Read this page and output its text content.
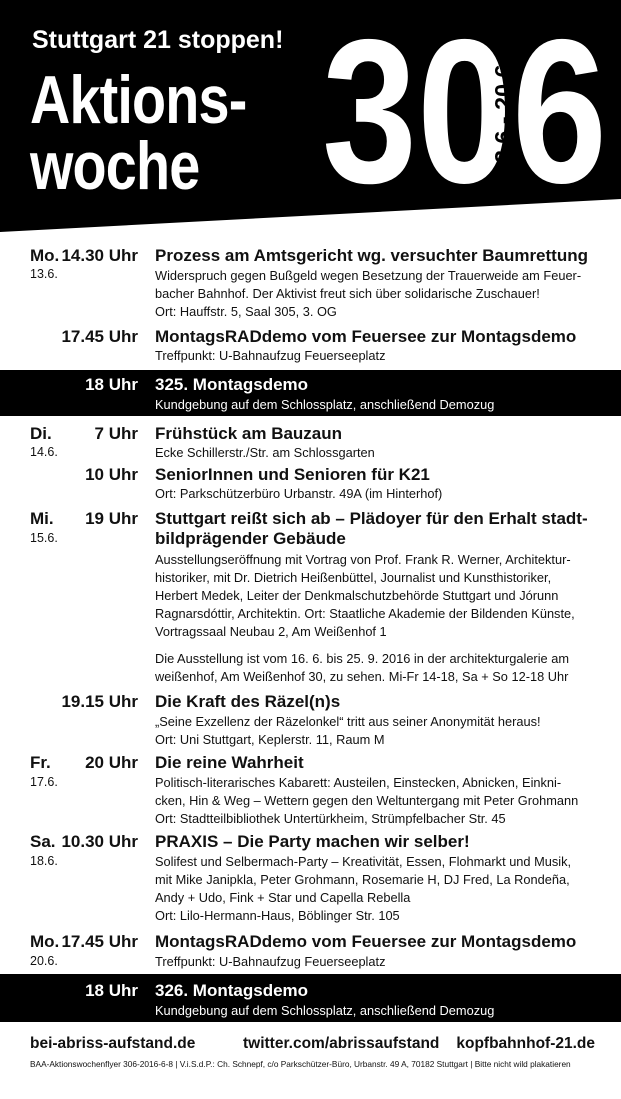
306
13.6.- 20.6.
Stuttgart 21 stoppen!
Aktions-
woche
Mo.
13.6.
14.30 Uhr Prozess am Amtsgericht wg. versuchter Baumrettung
Widerspruch gegen Bußgeld wegen Besetzung der Trauerweide am Feuer-
bacher Bahnhof. Der Aktivist freut sich über solidarische Zuschauer!
Ort: Hauffstr. 5, Saal 305, 3. OG
17.45 Uhr MontagsRADdemo vom Feuersee zur Montagsdemo
Treffpunkt: U-Bahnaufzug Feuerseeplatz
18 Uhr 325. Montagsdemo
Kundgebung auf dem Schlossplatz, anschließend Demozug
Di.
14.6.
7 Uhr Frühstück am Bauzaun
Ecke Schillerstr./Str. am Schlossgarten
10 Uhr SeniorInnen und Senioren für K21
Ort: Parkschützerbüro Urbanstr. 49A (im Hinterhof)
Mi.
15.6.
19 Uhr Stuttgart reißt sich ab – Plädoyer für den Erhalt stadt-
bildprägender Gebäude
Ausstellungseröffnung mit Vortrag von Prof. Frank R. Werner, Architektur-
historiker, mit Dr. Dietrich Heißenbüttel, Journalist und Kunsthistoriker,
Herbert Medek, Leiter der Denkmalschutzbehörde Stuttgart und Jórunn
Ragnarsdóttir, Architektin. Ort: Staatliche Akademie der Bildenden Künste,
Vortragssaal Neubau 2, Am Weißenhof 1
Die Ausstellung ist vom 16. 6. bis 25. 9. 2016 in der architekturgalerie am
weißenhof, Am Weißenhof 30, zu sehen. Mi-Fr 14-18, Sa + So 12-18 Uhr
19.15 Uhr Die Kraft des Räzel(n)s
„Seine Exzellenz der Räzelonkel“ tritt aus seiner Anonymität heraus!
Ort: Uni Stuttgart, Keplerstr. 11, Raum M
Fr.
17.6.
20 Uhr Die reine Wahrheit
Politisch-literarisches Kabarett: Austeilen, Einstecken, Abnicken, Einkni-
cken, Hin & Weg – Wettern gegen den Weltuntergang mit Peter Grohmann
Ort: Stadtteilbibliothek Untertürkheim, Strümpfelbacher Str. 45
Sa.
18.6.
10.30 Uhr PRAXIS – Die Party machen wir selber!
Solifest und Selbermach-Party – Kreativität, Essen, Flohmarkt und Musik,
mit Mike Janipkla, Peter Grohmann, Rosemarie H, DJ Fred, La Rondeña,
Andy + Udo, Fink + Star und Capella Rebella
Ort: Lilo-Hermann-Haus, Böblinger Str. 105
Mo.
20.6.
17.45 Uhr MontagsRADdemo vom Feuersee zur Montagsdemo
Treffpunkt: U-Bahnaufzug Feuerseeplatz
18 Uhr 326. Montagsdemo
Kundgebung auf dem Schlossplatz, anschließend Demozug
bei-abriss-aufstand.de	twitter.com/abrissaufstand kopfbahnhof-21.de
BAA-Aktionswochenflyer 306-2016-6-8 | V.i.S.d.P.: Ch. Schnepf, c/o Parkschützer-Büro, Urbanstr. 49 A, 70182 Stuttgart | Bitte nicht wild plakatieren
